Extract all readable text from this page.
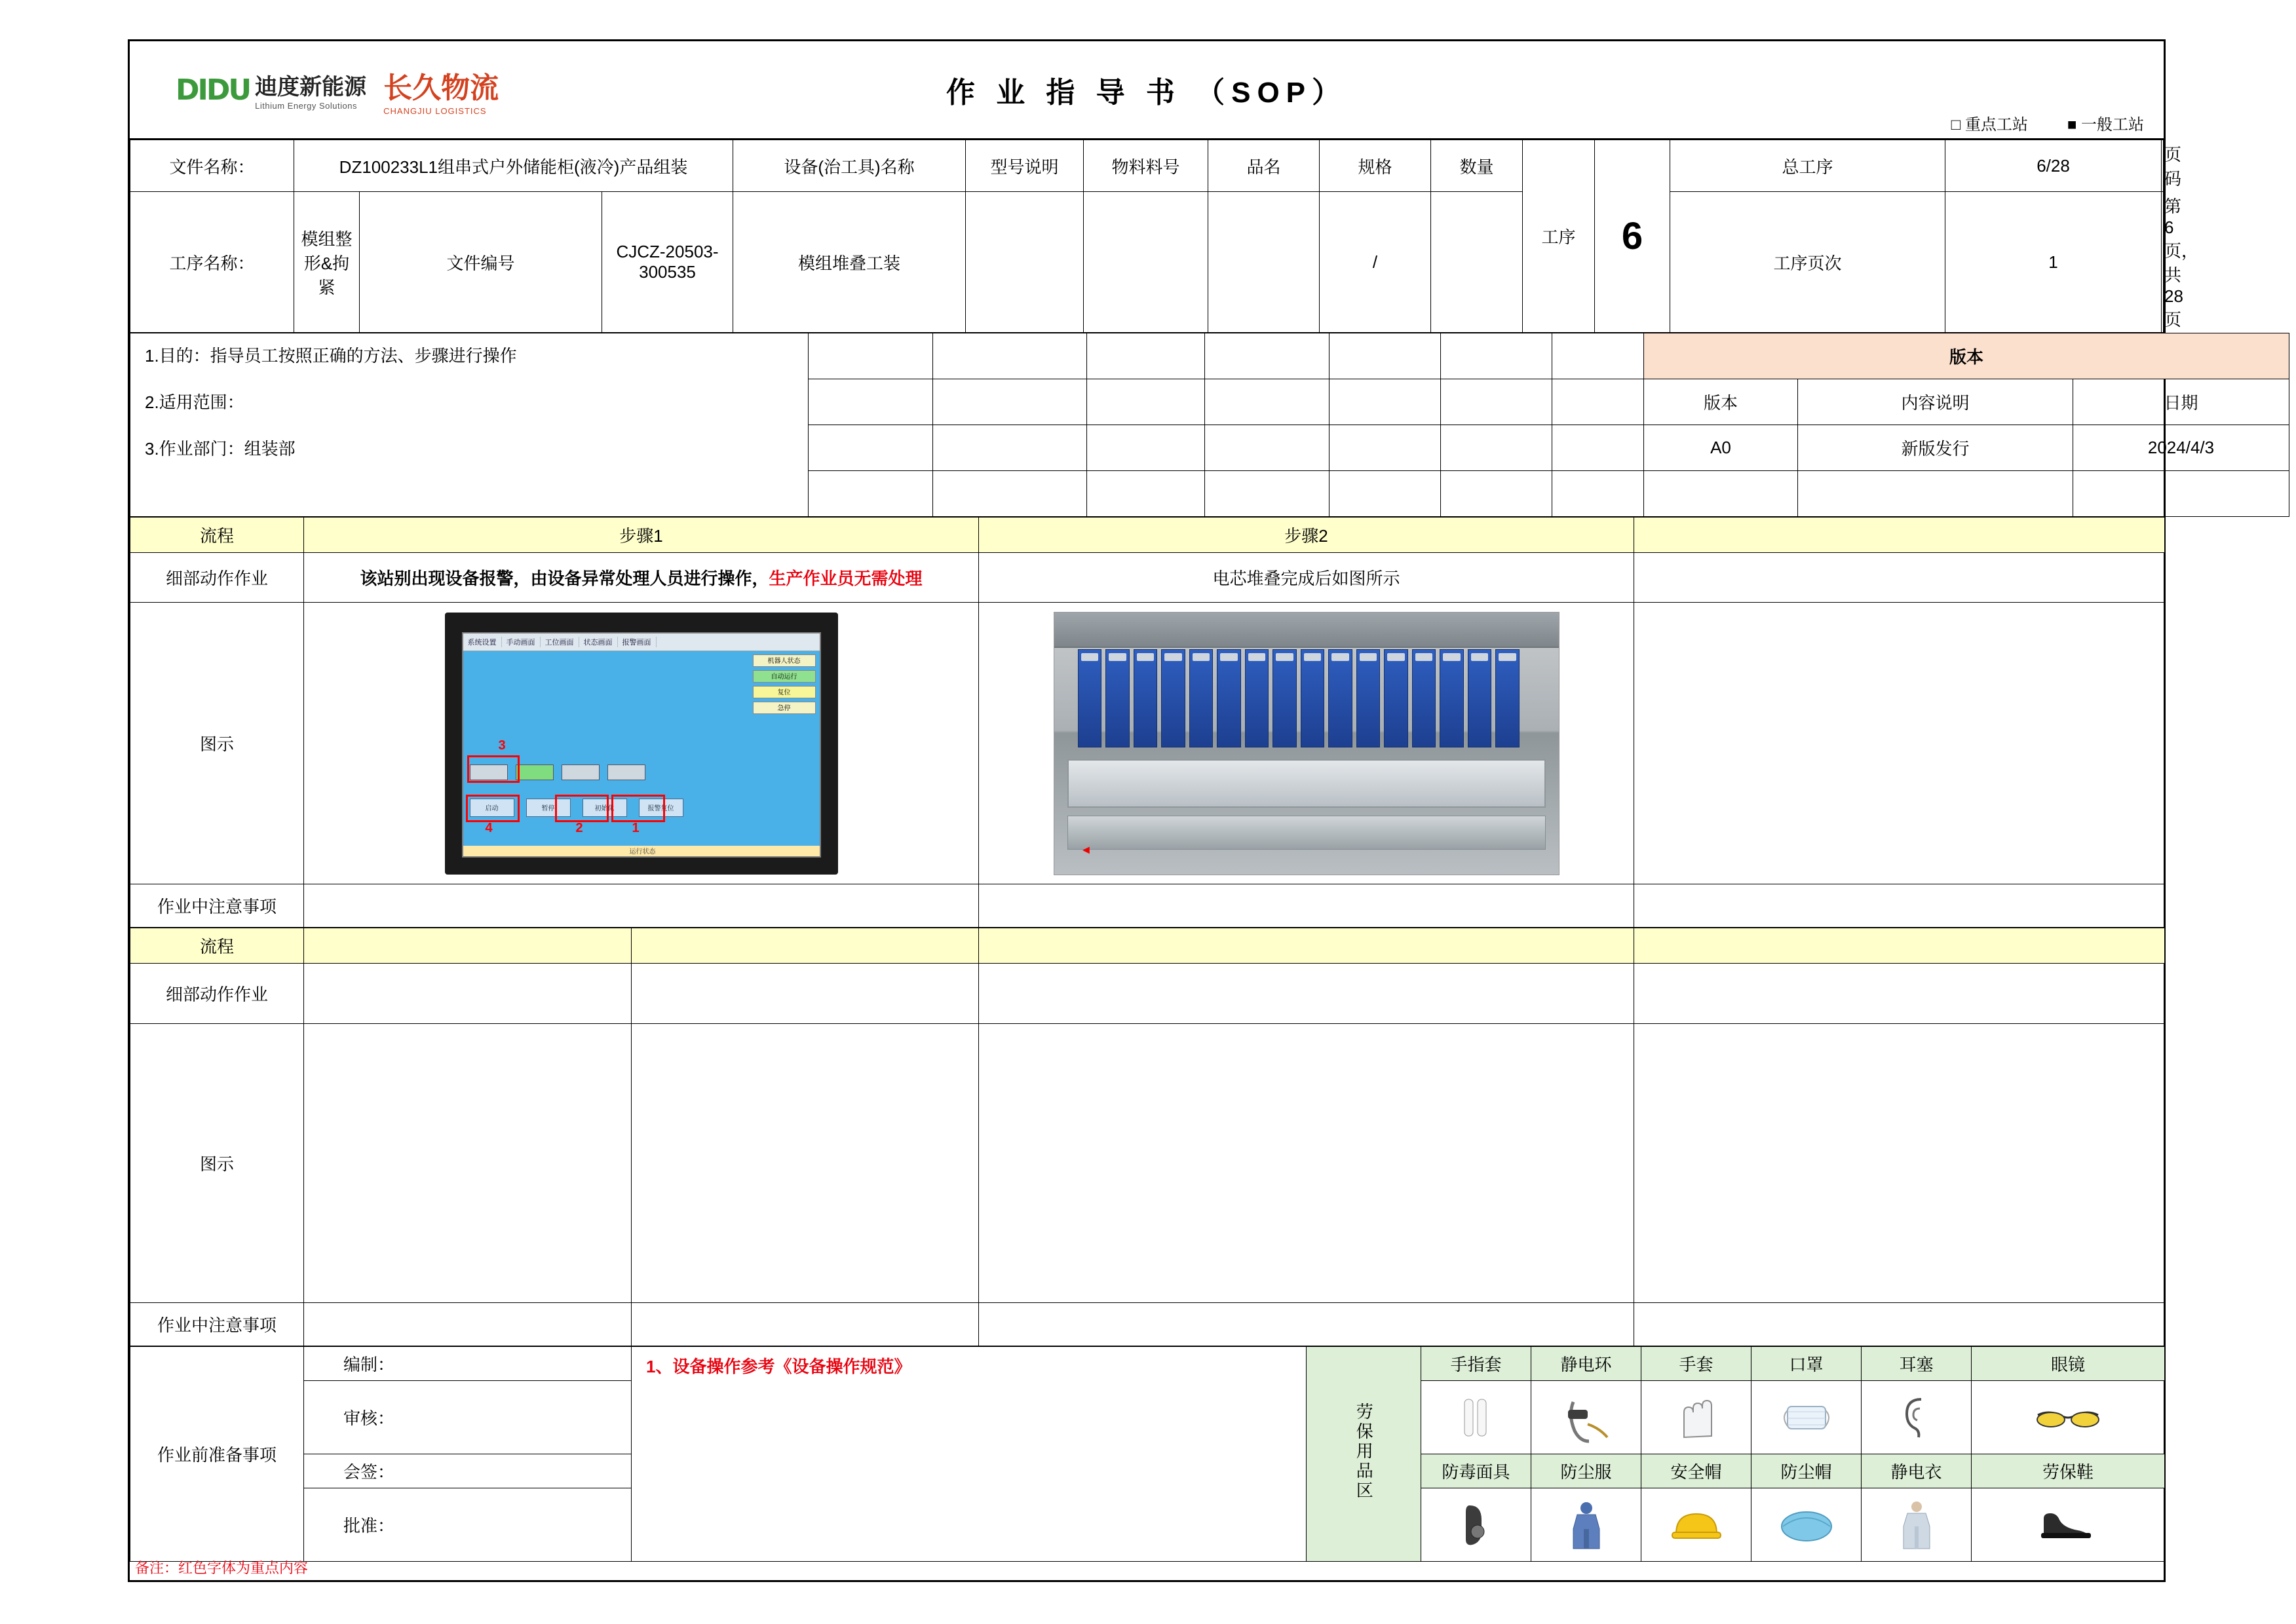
DIDU 迪度新能源
Lithium Energy Solutions
长久物流
CHANGJIU LOGISTICS
作 业 指 导 书 （SOP）
□ 重点工站	■ 一般工站
文件名称：	DZ100233L1组串式户外储能柜(液冷)产品组装			设备(治工具)名称	型号说明	物料料号	品名	规格	数量	工序	6	总工序	6/28	页码
工序名称：	模组整形&拘紧	文件编号	CJCZ-20503-300535	模组堆叠工装				/				工序页次	1	第6页，共28页
1.目的：指导员工按照正确的方法、步骤进行操作
2.适用范围：
3.作业部门：组装部								版本		
								版本	内容说明	日期
								A0	新版发行	2024/4/3

流程	步骤1	步骤2	
细部动作作业	该站别出现设备报警，由设备异常处理人员进行操作，生产作业员无需处理	电芯堆叠完成后如图所示	
图示	
系统设置	手动画面	工位画面	状态画面	报警画面
机器人状态
自动运行
复位
急停
启动	暂停	初始化	报警复位
3
4	2	1
运行状态	◄

作业中注意事项			
流程				
细部动作作业				
图示				
作业中注意事项				
作业前准备事项	编制：	1、设备操作参考《设备操作规范》	劳保用品区	手指套	静电环	手套	口罩	耳塞	眼镜
	审核：	

	会签：			防毒面具	防尘服	安全帽	防尘帽	静电衣	劳保鞋
	批准：	

备注：红色字体为重点内容
